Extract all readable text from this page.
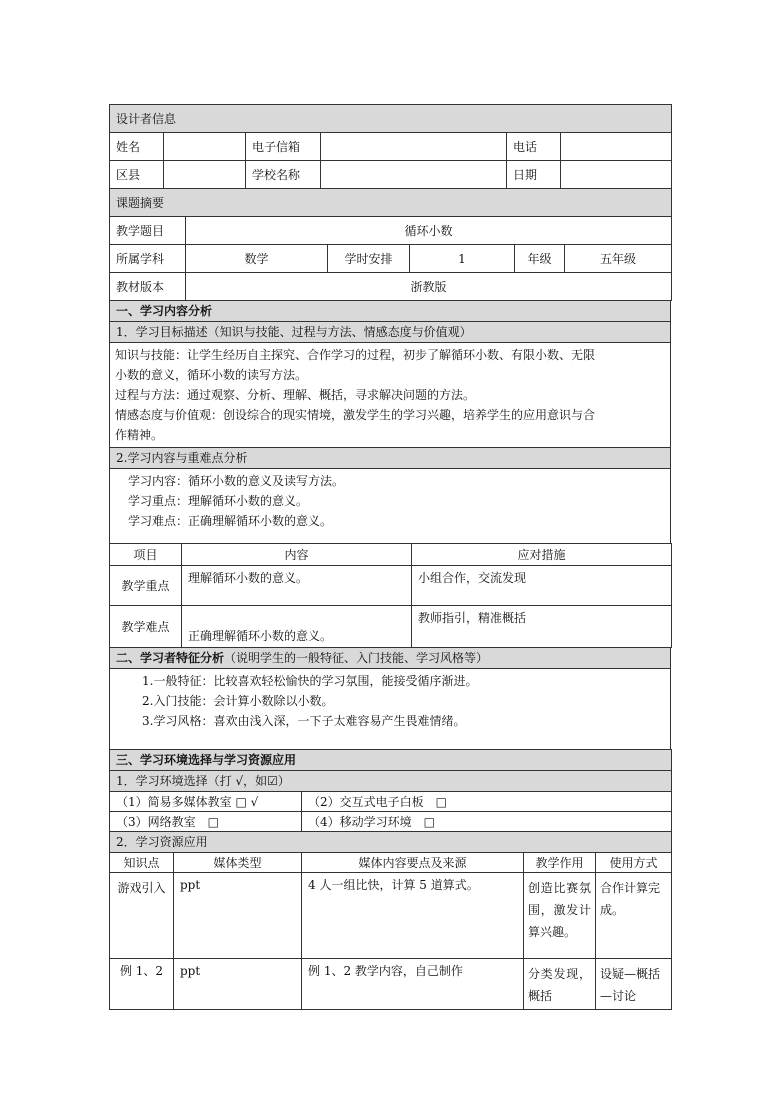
设计者信息					
姓名		电子信箱		电话	
区县		学校名称		日期	
课题摘要					
教学题目	循环小数				
所属学科	数学	学时安排	1	年级	五年级
教材版本	浙教版				
一、学习内容分析
1．学习目标描述（知识与技能、过程与方法、情感态度与价值观）

知识与技能：让学生经历自主探究、合作学习的过程，初步了解循环小数、有限小数、无限
小数的意义，循环小数的读写方法。
过程与方法：通过观察、分析、理解、概括，寻求解决问题的方法。
情感态度与价值观：创设综合的现实情境，激发学生的学习兴趣，培养学生的应用意识与合
作精神。

2.学习内容与重难点分析

学习内容：循环小数的意义及读写方法。
学习重点：理解循环小数的意义。
学习难点：正确理解循环小数的意义。
项目	内容	应对措施
教学重点	理解循环小数的意义。	小组合作，交流发现
教学难点	正确理解循环小数的意义。	教师指引，精准概括
二、学习者特征分析（说明学生的一般特征、入门技能、学习风格等）

1.一般特征：比较喜欢轻松愉快的学习氛围，能接受循序渐进。
2.入门技能：会计算小数除以小数。
3.学习风格：喜欢由浅入深，一下子太难容易产生畏难情绪。
三、学习环境选择与学习资源应用	
1．学习环境选择（打 √，如☑）	
（1）简易多媒体教室 □ √	（2）交互式电子白板　□
（3）网络教室　□	（4）移动学习环境　□
2．学习资源应用	
知识点	媒体类型	媒体内容要点及来源	教学作用	使用方式
游戏引入	ppt	4 人一组比快，计算 5 道算式。	创造比赛氛围，激发计算兴趣。	合作计算完成。
例 1、2	ppt	例 1、2 教学内容，自己制作	分类发现，概括	设疑—概括—讨论
